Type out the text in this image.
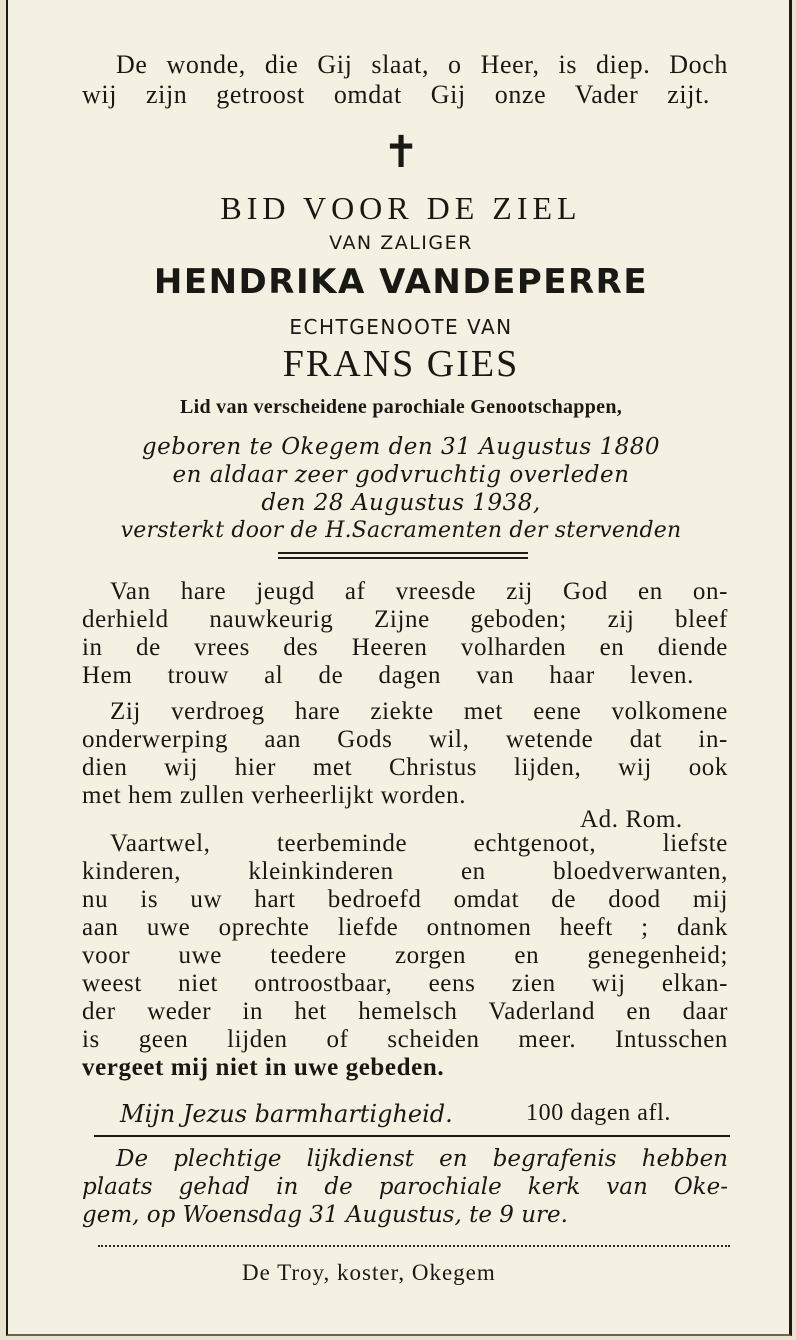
De wonde, die Gij slaat, o Heer, is diep. Doch
wij zijn getroost omdat Gij onze Vader zijt.
✝
BID VOOR DE ZIEL
VAN ZALIGER
HENDRIKA VANDEPERRE
ECHTGENOOTE VAN
FRANS GIES
Lid van verscheidene parochiale Genootschappen,
geboren te Okegem den 31 Augustus 1880
en aldaar zeer godvruchtig overleden
den 28 Augustus 1938,
versterkt door de H.Sacramenten der stervenden
Van hare jeugd af vreesde zij God en on-
derhield nauwkeurig Zijne geboden; zij bleef
in de vrees des Heeren volharden en diende
Hem trouw al de dagen van haar leven.
Zij verdroeg hare ziekte met eene volkomene
onderwerping aan Gods wil, wetende dat in-
dien wij hier met Christus lijden, wij ook
met hem zullen verheerlijkt worden.
Ad. Rom.
Vaartwel, teerbeminde echtgenoot, liefste
kinderen, kleinkinderen en bloedverwanten,
nu is uw hart bedroefd omdat de dood mij
aan uwe oprechte liefde ontnomen heeft ; dank
voor uwe teedere zorgen en genegenheid;
weest niet ontroostbaar, eens zien wij elkan-
der weder in het hemelsch Vaderland en daar
is geen lijden of scheiden meer. Intusschen
vergeet mij niet in uwe gebeden.
Mijn Jezus barmhartigheid.	100 dagen afl.
De plechtige lijkdienst en begrafenis hebben
plaats gehad in de parochiale kerk van Oke-
gem, op Woensdag 31 Augustus, te 9 ure.
De Troy, koster, Okegem
